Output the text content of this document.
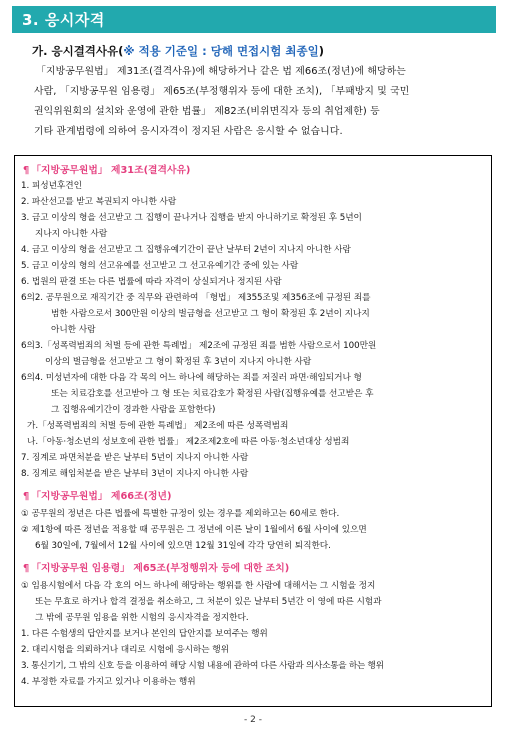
3. 응시자격
가. 응시결격사유(※ 적용 기준일 : 당해 면접시험 최종일)
「지방공무원법」 제31조(결격사유)에 해당하거나 같은 법 제66조(정년)에 해당하는
사람, 「지방공무원 임용령」 제65조(부정행위자 등에 대한 조치), 「부패방지 및 국민
권익위원회의 설치와 운영에 관한 법률」 제82조(비위면직자 등의 취업제한) 등
기타 관계법령에 의하여 응시자격이 정지된 사람은 응시할 수 없습니다.
¶ 「지방공무원법」 제31조(결격사유)
1. 피성년후견인
2. 파산선고를 받고 복권되지 아니한 사람
3. 금고 이상의 형을 선고받고 그 집행이 끝나거나 집행을 받지 아니하기로 확정된 후 5년이
지나지 아니한 사람
4. 금고 이상의 형을 선고받고 그 집행유예기간이 끝난 날부터 2년이 지나지 아니한 사람
5. 금고 이상의 형의 선고유예를 선고받고 그 선고유예기간 중에 있는 사람
6. 법원의 판결 또는 다른 법률에 따라 자격이 상실되거나 정지된 사람
6의2. 공무원으로 재직기간 중 직무와 관련하여 「형법」 제355조및 제356조에 규정된 죄를
범한 사람으로서 300만원 이상의 벌금형을 선고받고 그 형이 확정된 후 2년이 지나지
아니한 사람
6의3.「성폭력범죄의 처벌 등에 관한 특례법」 제2조에 규정된 죄를 범한 사람으로서 100만원
이상의 벌금형을 선고받고 그 형이 확정된 후 3년이 지나지 아니한 사람
6의4. 미성년자에 대한 다음 각 목의 어느 하나에 해당하는 죄를 저질러 파면·해임되거나 형
또는 치료감호를 선고받아 그 형 또는 치료감호가 확정된 사람(집행유예를 선고받은 후
그 집행유예기간이 경과한 사람을 포함한다)
가.「성폭력범죄의 처벌 등에 관한 특례법」 제2조에 따른 성폭력범죄
나.「아동·청소년의 성보호에 관한 법률」 제2조제2호에 따른 아동·청소년대상 성범죄
7. 징계로 파면처분을 받은 날부터 5년이 지나지 아니한 사람
8. 징계로 해임처분을 받은 날부터 3년이 지나지 아니한 사람
¶ 「지방공무원법」 제66조(정년)
① 공무원의 정년은 다른 법률에 특별한 규정이 있는 경우를 제외하고는 60세로 한다.
② 제1항에 따른 정년을 적용할 때 공무원은 그 정년에 이른 날이 1월에서 6월 사이에 있으면
6월 30일에, 7월에서 12월 사이에 있으면 12월 31일에 각각 당연히 퇴직한다.
¶ 「지방공무원 임용령」 제65조(부정행위자 등에 대한 조치)
① 임용시험에서 다음 각 호의 어느 하나에 해당하는 행위를 한 사람에 대해서는 그 시험을 정지
또는 무효로 하거나 합격 결정을 취소하고, 그 처분이 있은 날부터 5년간 이 영에 따른 시험과
그 밖에 공무원 임용을 위한 시험의 응시자격을 정지한다.
1. 다른 수험생의 답안지를 보거나 본인의 답안지를 보여주는 행위
2. 대리시험을 의뢰하거나 대리로 시험에 응시하는 행위
3. 통신기기, 그 밖의 신호 등을 이용하여 해당 시험 내용에 관하여 다른 사람과 의사소통을 하는 행위
4. 부정한 자료를 가지고 있거나 이용하는 행위
- 2 -
